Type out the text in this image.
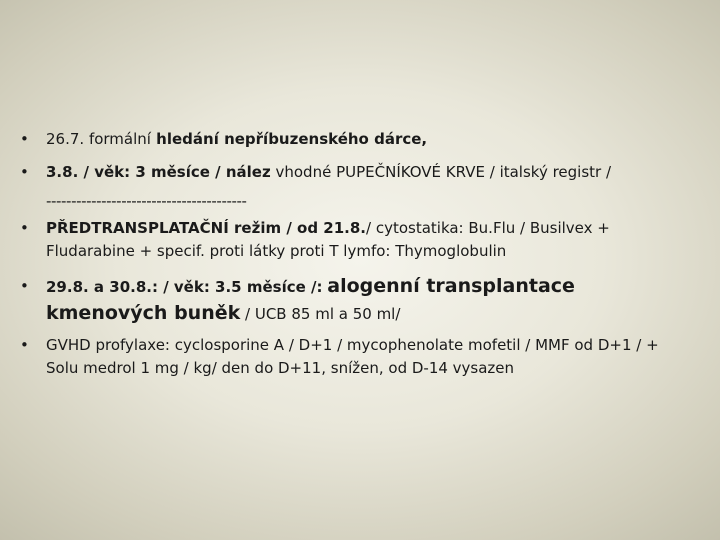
•	26.7. formální hledání nepříbuzenského dárce,
•	3.8. / věk: 3 měsíce / nález vhodné PUPEČNÍKOVÉ KRVE / italský registr /
----------------------------------------
•	PŘEDTRANSPLATAČNÍ režim / od 21.8./ cytostatika: Bu.Flu / Busilvex + Fludarabine + specif. proti látky proti T lymfo: Thymoglobulin
•	29.8. a 30.8.: / věk: 3.5 měsíce /: alogenní transplantace kmenových buněk / UCB 85 ml a 50 ml/
•	GVHD profylaxe: cyclosporine A / D+1 / mycophenolate mofetil / MMF od D+1 / + Solu medrol 1 mg / kg/ den do D+11, snížen, od D-14 vysazen
